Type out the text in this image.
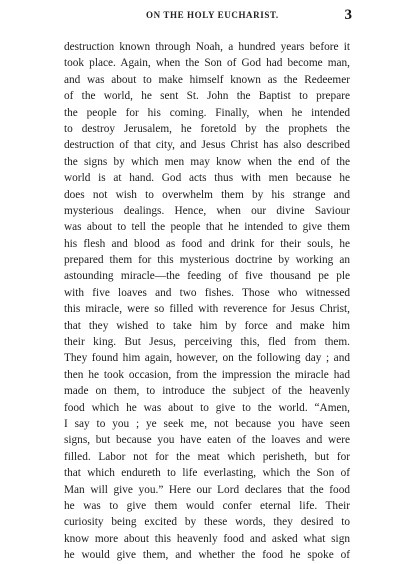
ON THE HOLY EUCHARIST.	3
destruction known through Noah, a hundred years before it
took place. Again, when the Son of God had become man,
and was about to make himself known as the Redeemer
of the world, he sent St. John the Baptist to prepare
the people for his coming. Finally, when he intended
to destroy Jerusalem, he foretold by the prophets the
destruction of that city, and Jesus Christ has also described
the signs by which men may know when the end of the
world is at hand. God acts thus with men because he
does not wish to overwhelm them by his strange and
mysterious dealings. Hence, when our divine Saviour
was about to tell the people that he intended to give them
his flesh and blood as food and drink for their souls, he
prepared them for this mysterious doctrine by working an
astounding miracle—the feeding of five thousand pe ple
with five loaves and two fishes. Those who witnessed
this miracle, were so filled with reverence for Jesus Christ,
that they wished to take him by force and make him
their king. But Jesus, perceiving this, fled from them.
They found him again, however, on the following day ; and
then he took occasion, from the impression the miracle had
made on them, to introduce the subject of the heavenly
food which he was about to give to the world. “Amen,
I say to you ; ye seek me, not because you have seen
signs, but because you have eaten of the loaves and were
filled. Labor not for the meat which perisheth, but for
that which endureth to life everlasting, which the Son of
Man will give you.” Here our Lord declares that the food
he was to give them would confer eternal life. Their
curiosity being excited by these words, they desired to
know more about this heavenly food and asked what sign
he would give them, and whether the food he spoke of
